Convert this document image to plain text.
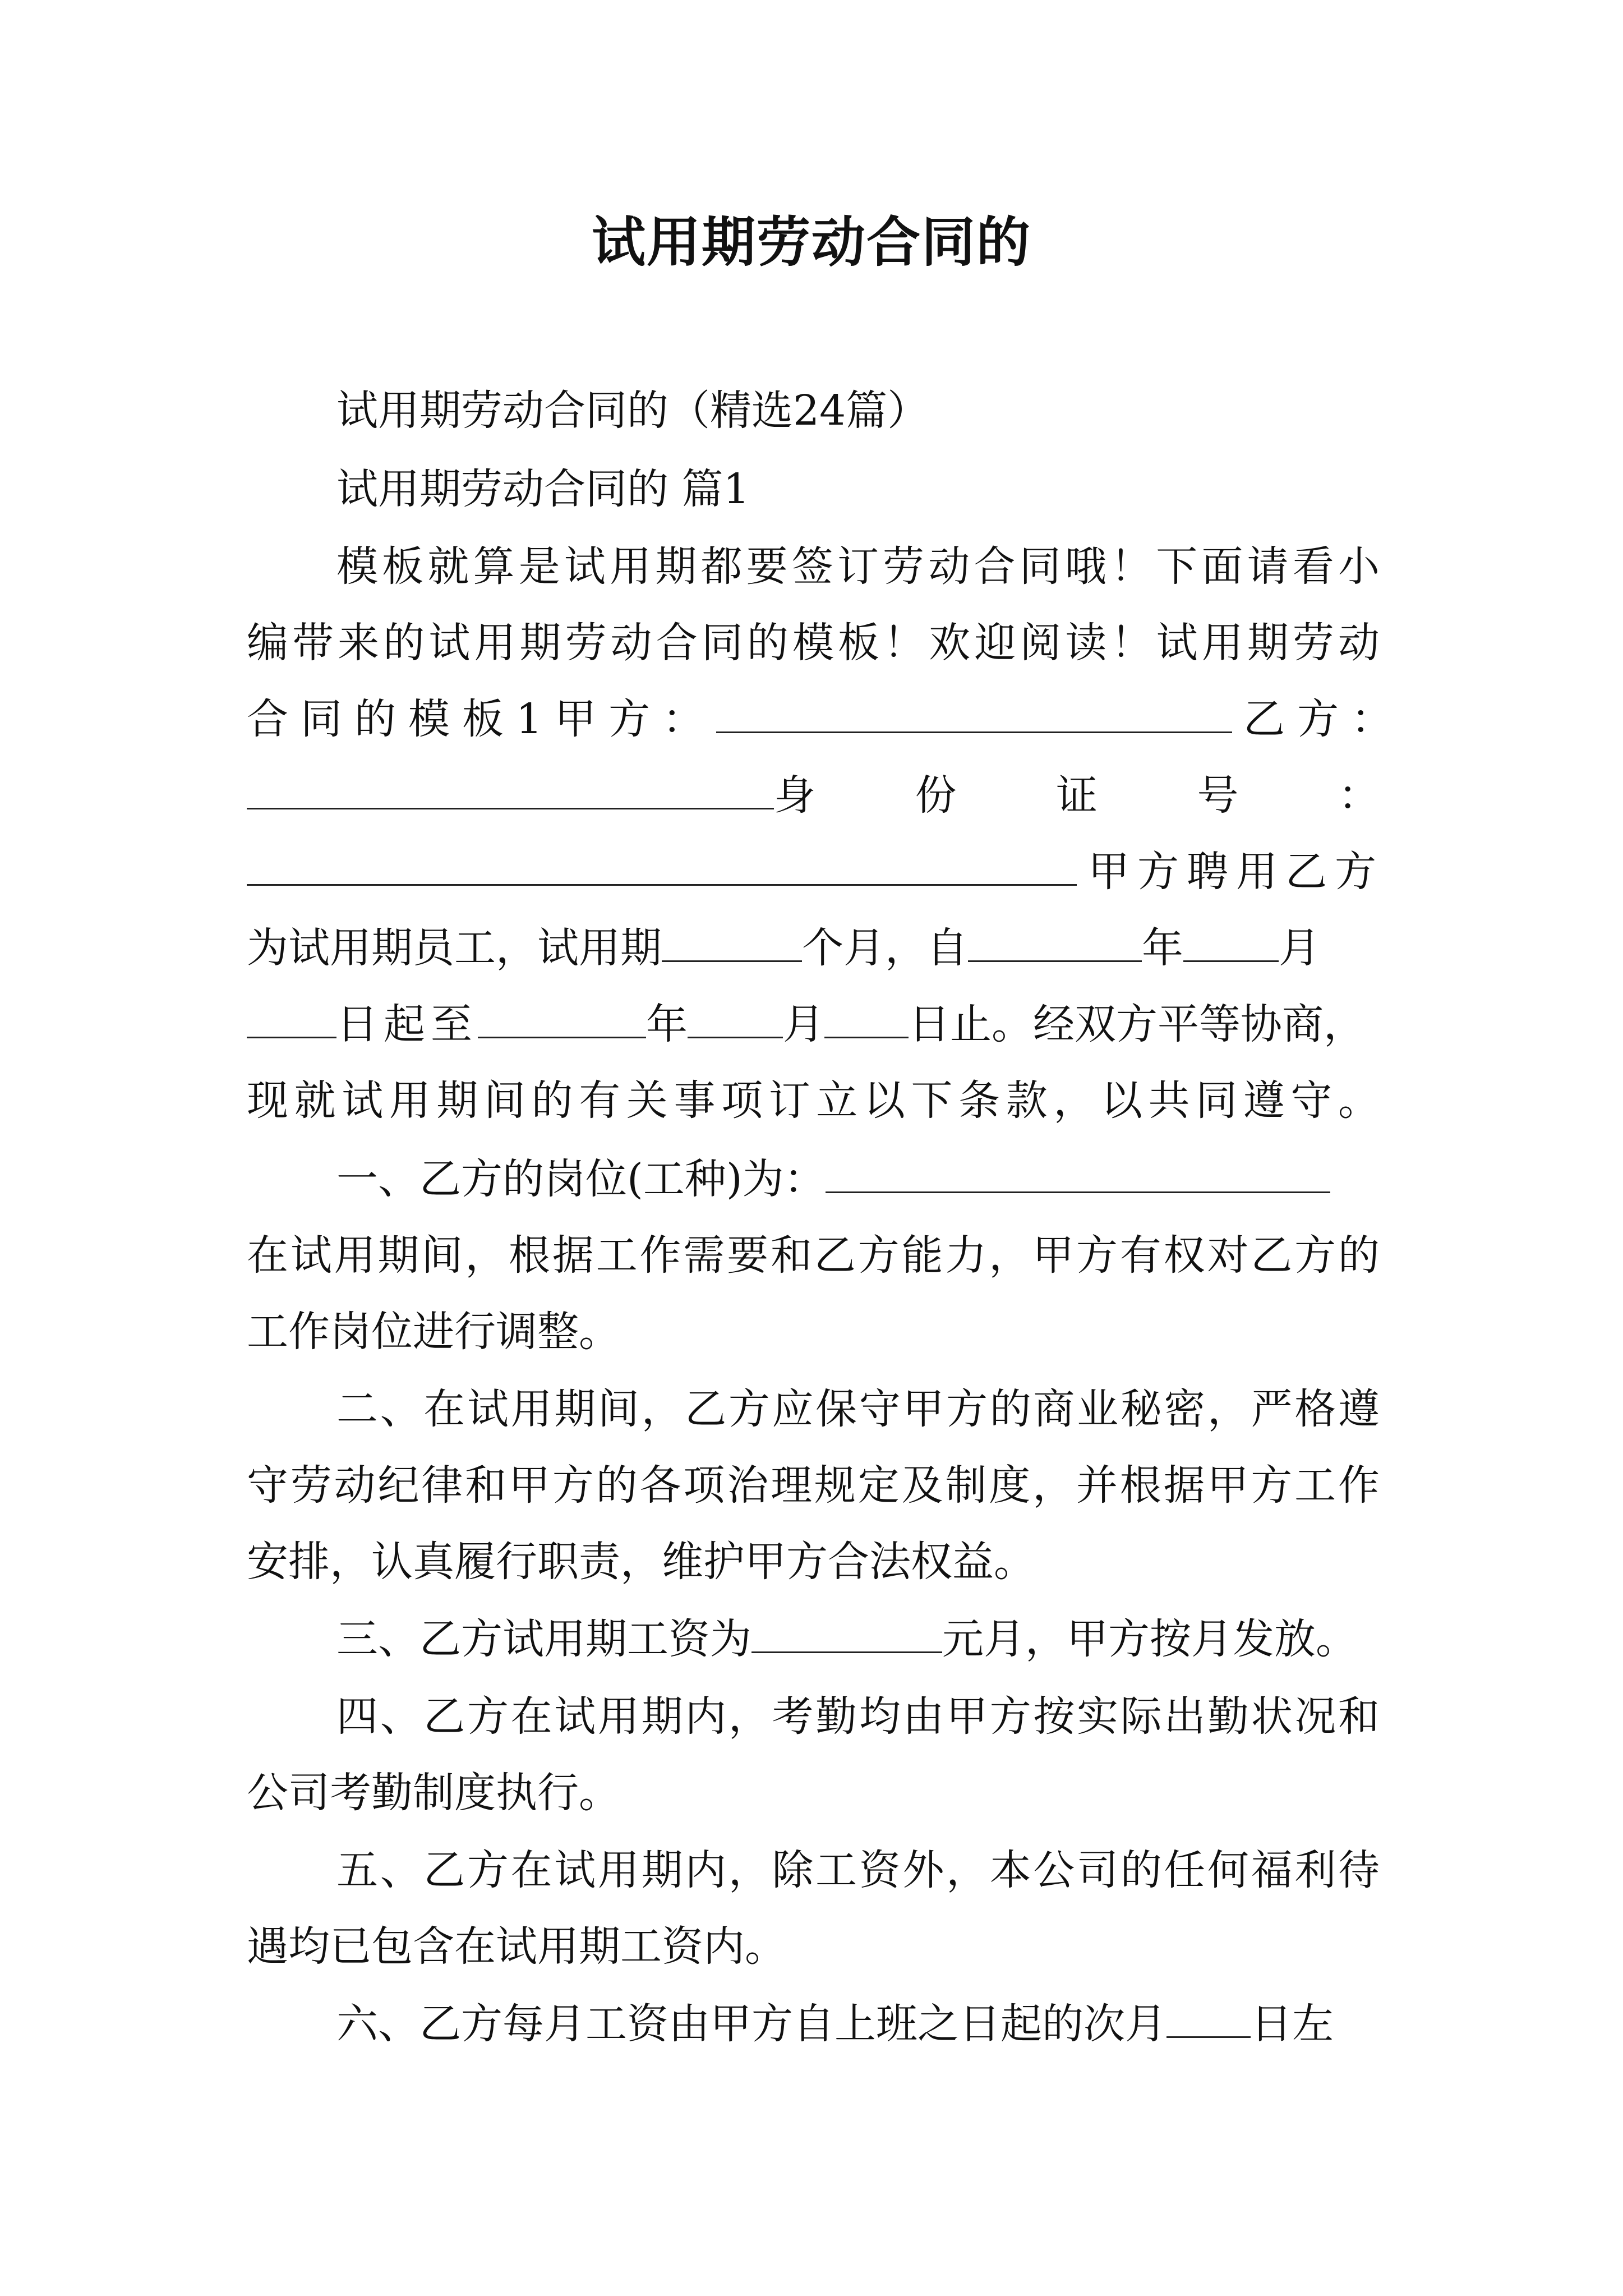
试用期劳动合同的
试用期劳动合同的（精选24篇）
试用期劳动合同的 篇1
模板就算是试用期都要签订劳动合同哦！下面请看小
编带来的试用期劳动合同的模板！欢迎阅读！试用期劳动
合同的模板1甲方：	乙方：
身 份 证 号 ：
甲方聘用乙方
为试用期员工，试用期	个月，自	年 月
日起至	年 月 日止。经双方平等协商，
现就试用期间的有关事项订立以下条款，以共同遵守。
一、乙方的岗位(工种)为：
在试用期间，根据工作需要和乙方能力，甲方有权对乙方的
工作岗位进行调整。
二、在试用期间，乙方应保守甲方的商业秘密，严格遵
守劳动纪律和甲方的各项治理规定及制度，并根据甲方工作
安排，认真履行职责，维护甲方合法权益。
三、乙方试用期工资为	元月，甲方按月发放。
四、乙方在试用期内，考勤均由甲方按实际出勤状况和
公司考勤制度执行。
五、乙方在试用期内，除工资外，本公司的任何福利待
遇均已包含在试用期工资内。
六、乙方每月工资由甲方自上班之日起的次月 日左
